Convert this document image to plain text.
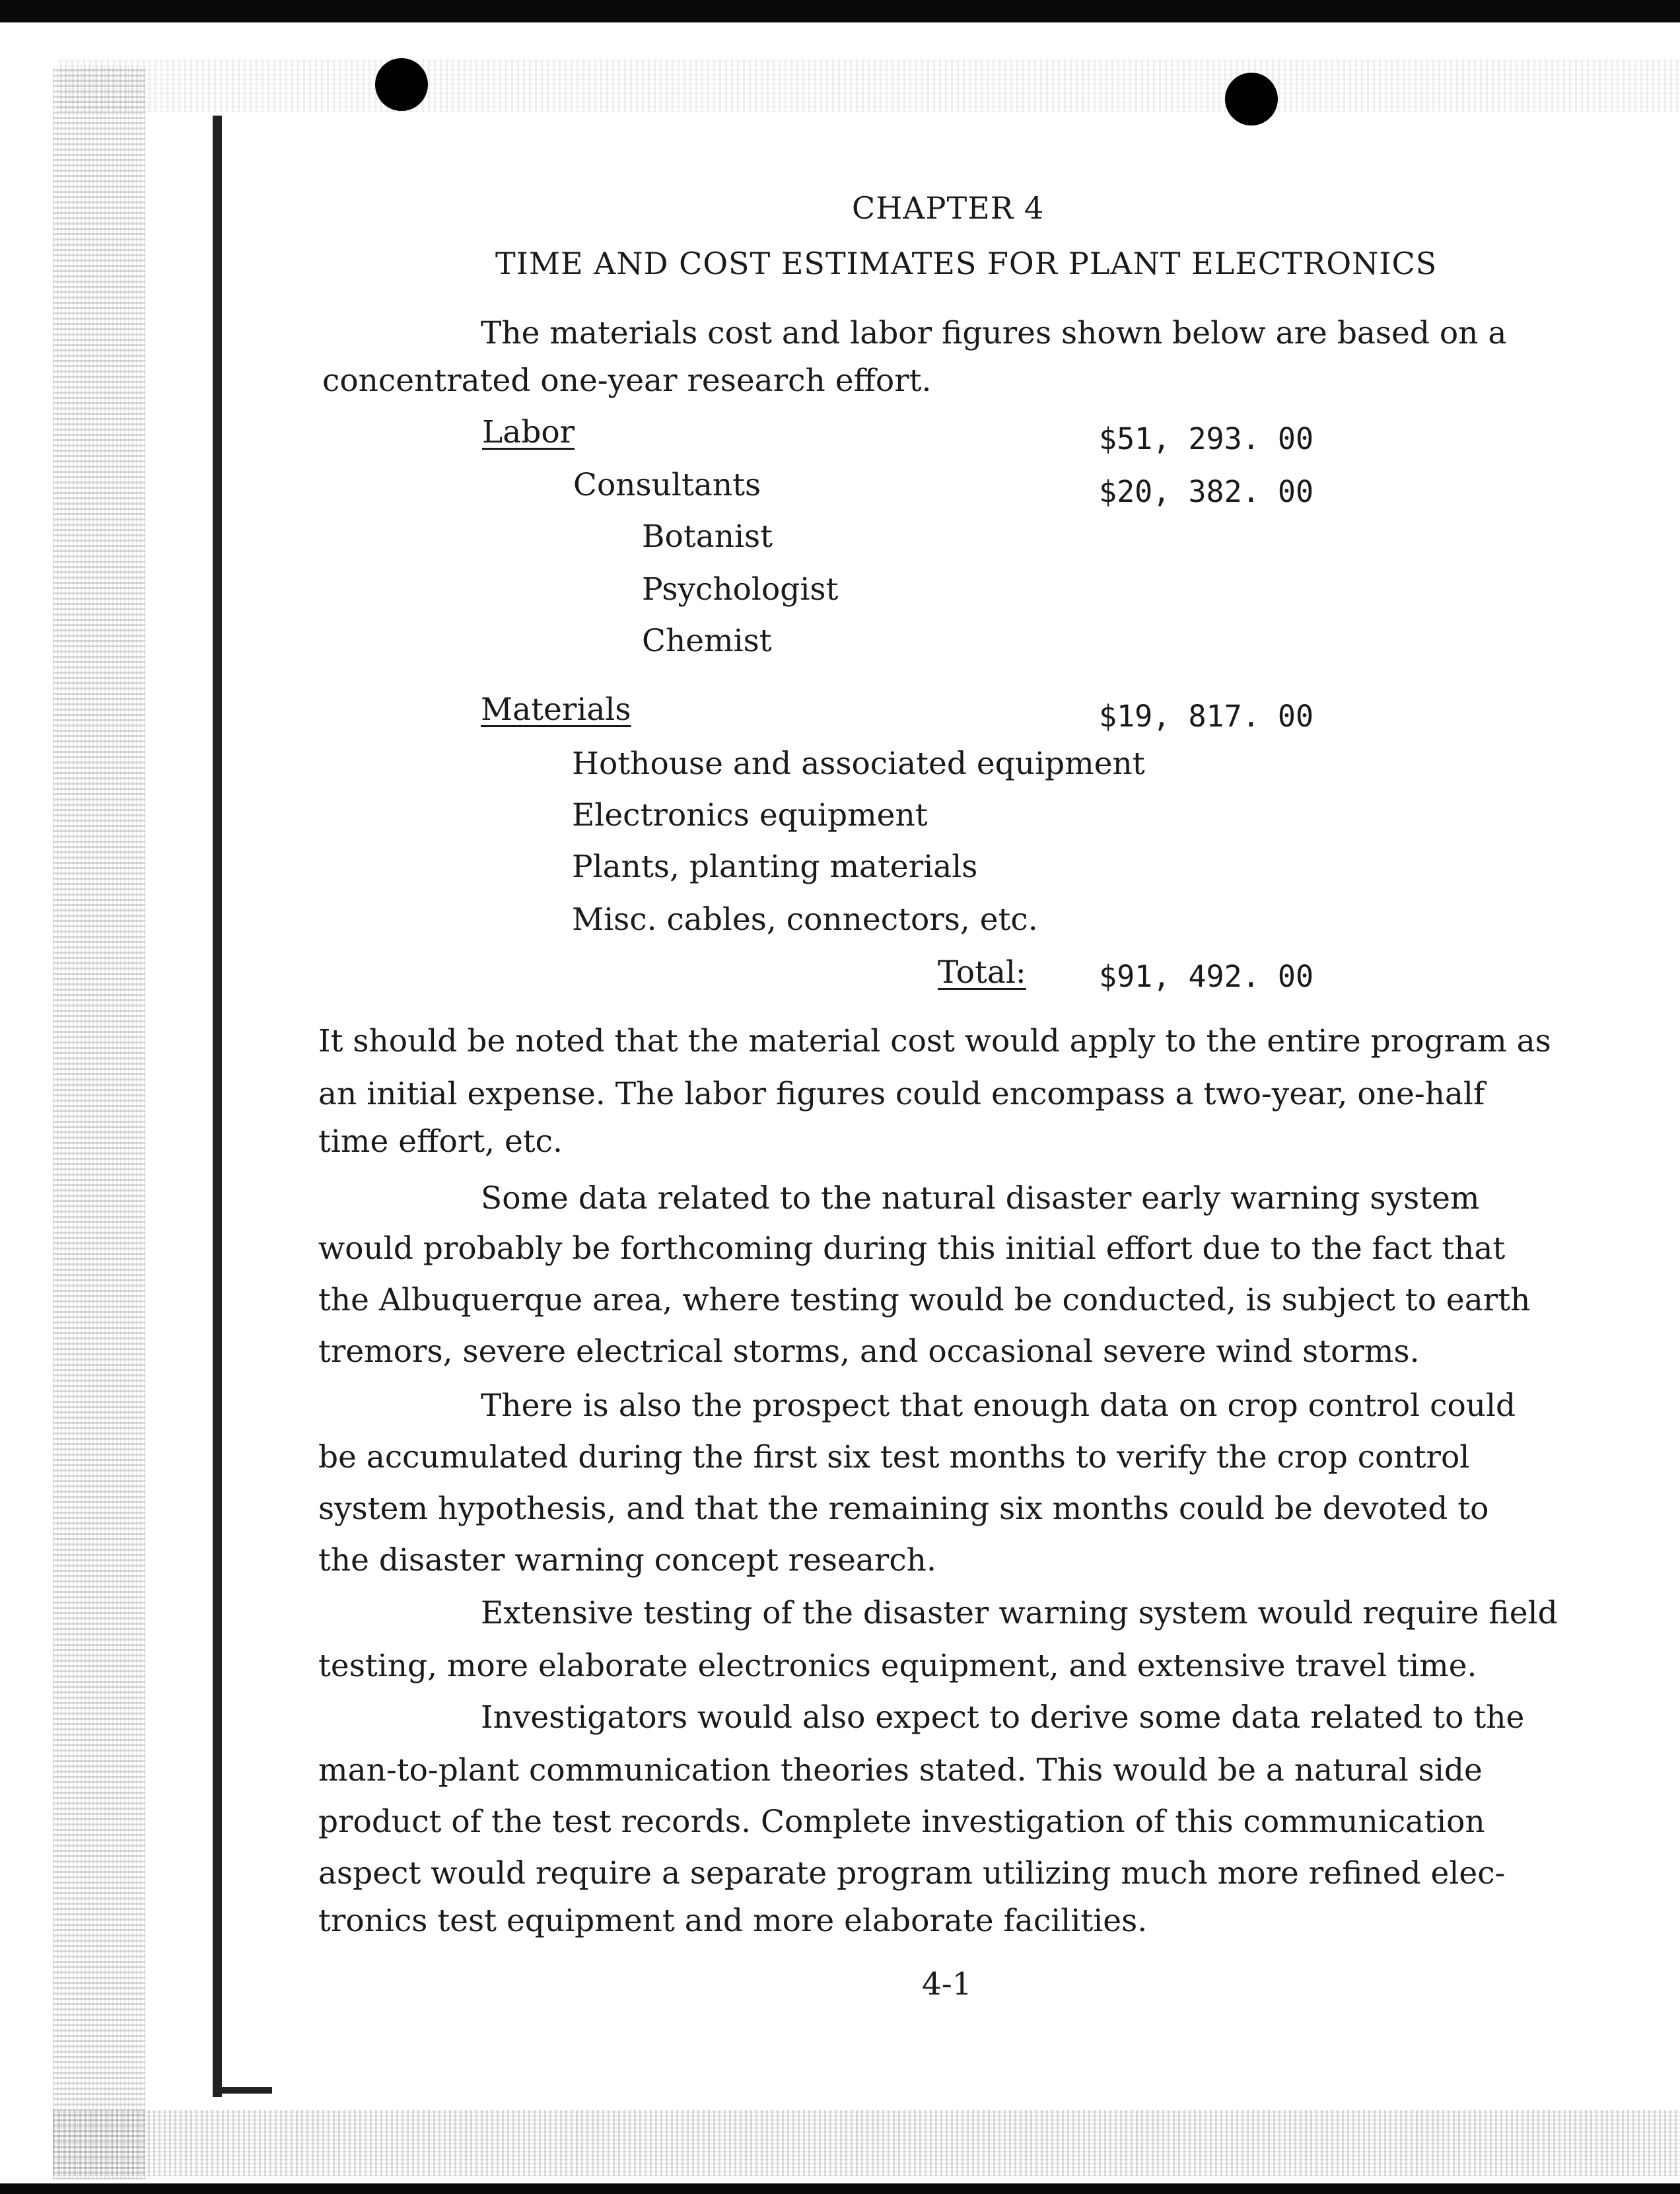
CHAPTER 4
TIME AND COST ESTIMATES FOR PLANT ELECTRONICS
The materials cost and labor figures shown below are based on a
concentrated one-year research effort.
Labor	$51, 293. 00
Consultants	$20, 382. 00
Botanist
Psychologist
Chemist
Materials	$19, 817. 00
Hothouse and associated equipment
Electronics equipment
Plants, planting materials
Misc. cables, connectors, etc.
Total: $91, 492. 00
It should be noted that the material cost would apply to the entire program as
an initial expense. The labor figures could encompass a two-year, one-half
time effort, etc.
Some data related to the natural disaster early warning system
would probably be forthcoming during this initial effort due to the fact that
the Albuquerque area, where testing would be conducted, is subject to earth
tremors, severe electrical storms, and occasional severe wind storms.
There is also the prospect that enough data on crop control could
be accumulated during the first six test months to verify the crop control
system hypothesis, and that the remaining six months could be devoted to
the disaster warning concept research.
Extensive testing of the disaster warning system would require field
testing, more elaborate electronics equipment, and extensive travel time.
Investigators would also expect to derive some data related to the
man-to-plant communication theories stated. This would be a natural side
product of the test records. Complete investigation of this communication
aspect would require a separate program utilizing much more refined elec-
tronics test equipment and more elaborate facilities.
4-1
